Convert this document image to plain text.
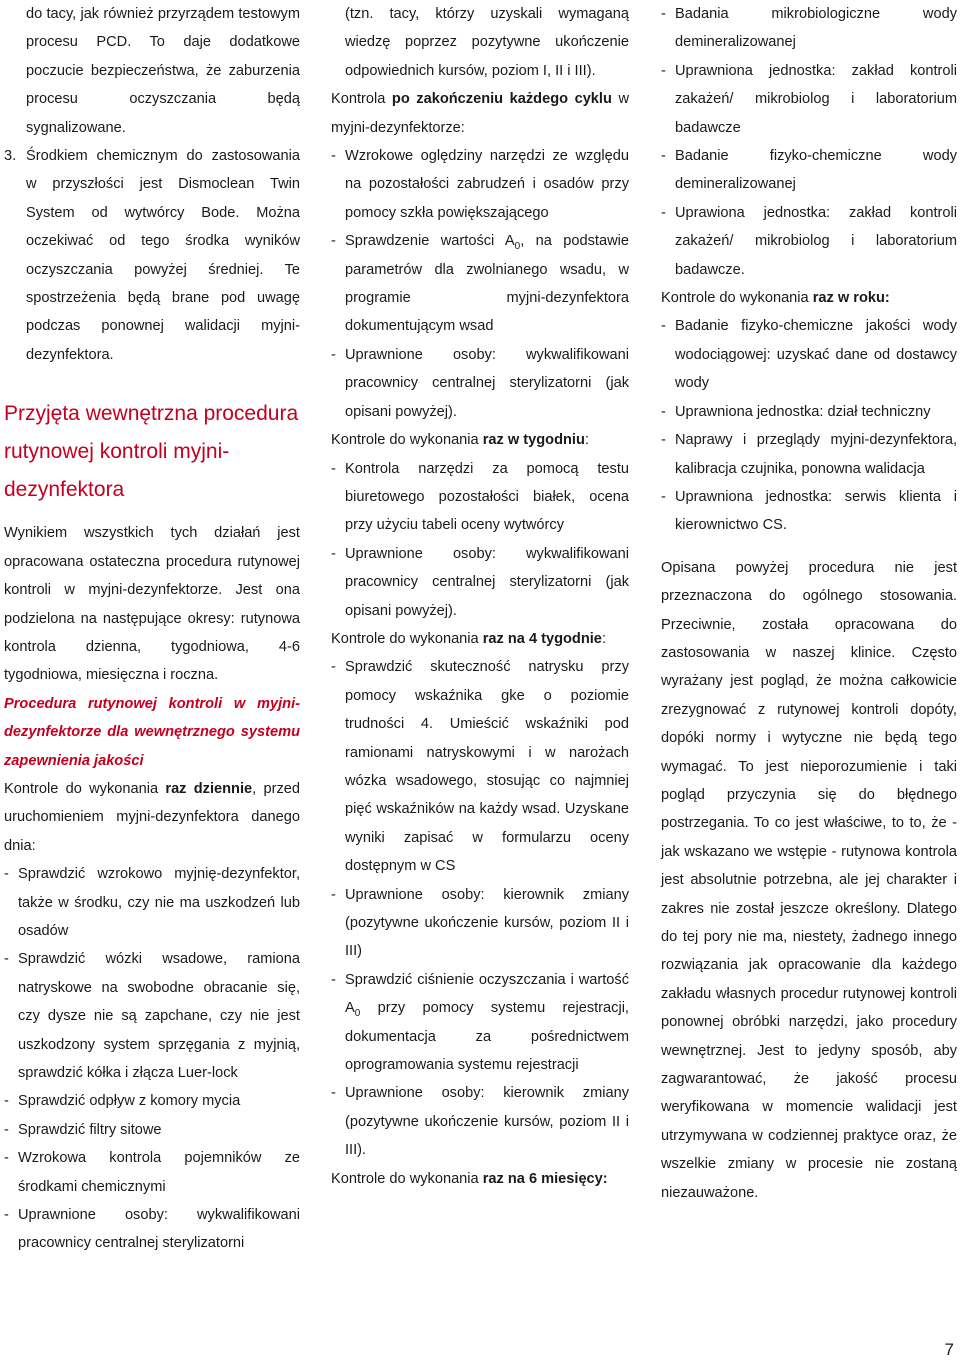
do tacy, jak również przyrządem testowym procesu PCD. To daje dodatkowe poczucie bezpieczeństwa, że zaburzenia procesu oczyszczania będą sygnalizowane.

3. Środkiem chemicznym do zastosowania w przyszłości jest Dismoclean Twin System od wytwórcy Bode. Można oczekiwać od tego środka wyników oczyszczania powyżej średniej. Te spostrzeżenia będą brane pod uwagę podczas ponownej walidacji myjni-dezynfektora.
Przyjęta wewnętrzna procedura rutynowej kontroli myjni-dezynfektora

Wynikiem wszystkich tych działań jest opracowana ostateczna procedura rutynowej kontroli w myjni-dezynfektorze. Jest ona podzielona na następujące okresy: rutynowa kontrola dzienna, tygodniowa, 4-6 tygodniowa, miesięczna i roczna.

Procedura rutynowej kontroli w myjni-dezynfektorze dla wewnętrznego systemu zapewnienia jakości

Kontrole do wykonania raz dziennie, przed uruchomieniem myjni-dezynfektora danego dnia:

- Sprawdzić wzrokowo myjnię-dezynfektor, także w środku, czy nie ma uszkodzeń lub osadów
- Sprawdzić wózki wsadowe, ramiona natryskowe na swobodne obracanie się, czy dysze nie są zapchane, czy nie jest uszkodzony system sprzęgania z myjnią, sprawdzić kółka i złącza Luer-lock
- Sprawdzić odpływ z komory mycia
- Sprawdzić filtry sitowe
- Wzrokowa kontrola pojemników ze środkami chemicznymi
- Uprawnione osoby: wykwalifikowani pracownicy centralnej sterylizatorni

(tzn. tacy, którzy uzyskali wymaganą wiedzę poprzez pozytywne ukończenie odpowiednich kursów, poziom I, II i III).

Kontrola po zakończeniu każdego cyklu w myjni-dezynfektorze:

- Wzrokowe oględziny narzędzi ze względu na pozostałości zabrudzeń i osadów przy pomocy szkła powiększającego
- Sprawdzenie wartości $A_0$, na podstawie parametrów dla zwolnianego wsadu, w programie myjni-dezynfektora dokumentującym wsad
- Uprawnione osoby: wykwalifikowani pracownicy centralnej sterylizatorni (jak opisani powyżej).

Kontrole do wykonania raz w tygodniu:

- Kontrola narzędzi za pomocą testu biuretowego pozostałości białek, ocena przy użyciu tabeli oceny wytwórcy
- Uprawnione osoby: wykwalifikowani pracownicy centralnej sterylizatorni (jak opisani powyżej).

Kontrole do wykonania raz na 4 tygodnie:

- Sprawdzić skuteczność natrysku przy pomocy wskaźnika gke o poziomie trudności 4. Umieścić wskaźniki pod ramionami natryskowymi i w narożach wózka wsadowego, stosując co najmniej pięć wskaźników na każdy wsad. Uzyskane wyniki zapisać w formularzu oceny dostępnym w CS
- Uprawnione osoby: kierownik zmiany (pozytywne ukończenie kursów, poziom II i III)
- Sprawdzić ciśnienie oczyszczania i wartość $A_0$ przy pomocy systemu rejestracji, dokumentacja za pośrednictwem oprogramowania systemu rejestracji
- Uprawnione osoby: kierownik zmiany (pozytywne ukończenie kursów, poziom II i III).

Kontrole do wykonania raz na 6 miesięcy:

- Badania mikrobiologiczne wody demineralizowanej
- Uprawniona jednostka: zakład kontroli zakażeń/ mikrobiolog i laboratorium badawcze
- Badanie fizyko-chemiczne wody demineralizowanej
- Uprawiona jednostka: zakład kontroli zakażeń/ mikrobiolog i laboratorium badawcze.

Kontrole do wykonania raz w roku:

- Badanie fizyko-chemiczne jakości wody wodociągowej: uzyskać dane od dostawcy wody
- Uprawniona jednostka: dział techniczny
- Naprawy i przeglądy myjni-dezynfektora, kalibracja czujnika, ponowna walidacja
- Uprawniona jednostka: serwis klienta i kierownictwo CS.

Opisana powyżej procedura nie jest przeznaczona do ogólnego stosowania. Przeciwnie, została opracowana do zastosowania w naszej klinice. Często wyrażany jest pogląd, że można całkowicie zrezygnować z rutynowej kontroli dopóty, dopóki normy i wytyczne nie będą tego wymagać. To jest nieporozumienie i taki pogląd przyczynia się do błędnego postrzegania. To co jest właściwe, to to, że - jak wskazano we wstępie - rutynowa kontrola jest absolutnie potrzebna, ale jej charakter i zakres nie został jeszcze określony. Dlatego do tej pory nie ma, niestety, żadnego innego rozwiązania jak opracowanie dla każdego zakładu własnych procedur rutynowej kontroli ponownej obróbki narzędzi, jako procedury wewnętrznej. Jest to jedyny sposób, aby zagwarantować, że jakość procesu weryfikowana w momencie walidacji jest utrzymywana w codziennej praktyce oraz, że wszelkie zmiany w procesie nie zostaną niezauważone.

7
